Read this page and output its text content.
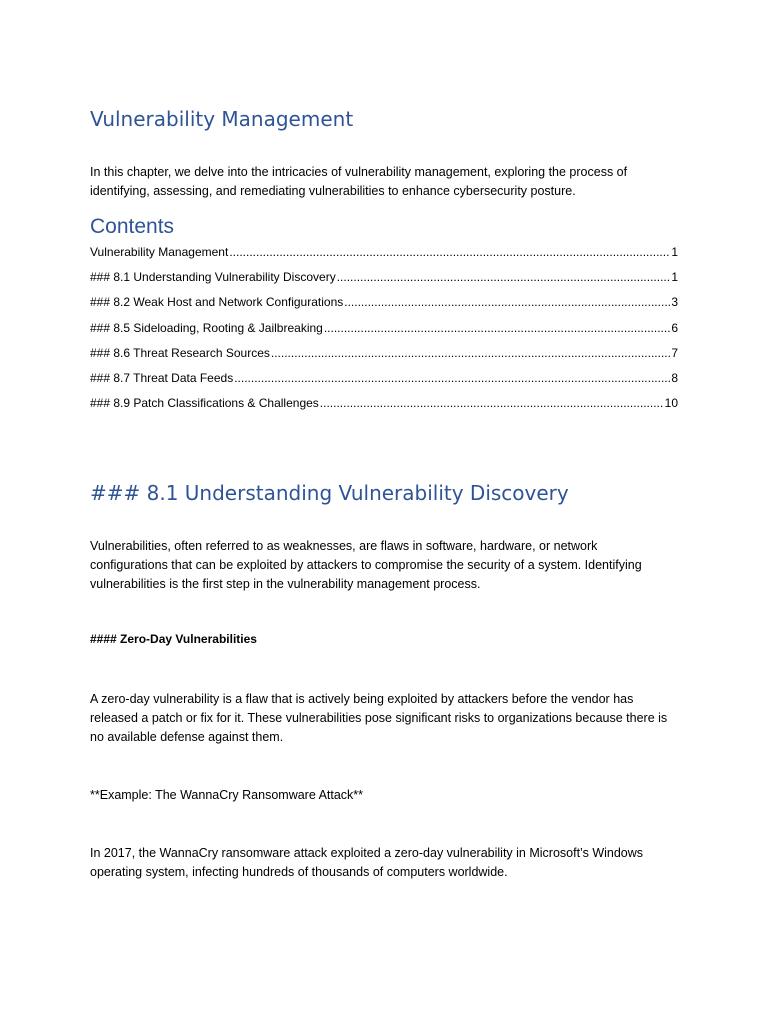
Vulnerability Management

In this chapter, we delve into the intricacies of vulnerability management, exploring the process of identifying, assessing, and remediating vulnerabilities to enhance cybersecurity posture.

Contents
Vulnerability Management .....	1
### 8.1 Understanding Vulnerability Discovery .....	1
### 8.2 Weak Host and Network Configurations .....	3
### 8.5 Sideloading, Rooting & Jailbreaking .....	6
### 8.6 Threat Research Sources .....	7
### 8.7 Threat Data Feeds .....	8
### 8.9 Patch Classifications & Challenges .....	10
### 8.1 Understanding Vulnerability Discovery

Vulnerabilities, often referred to as weaknesses, are flaws in software, hardware, or network configurations that can be exploited by attackers to compromise the security of a system. Identifying vulnerabilities is the first step in the vulnerability management process.

#### Zero-Day Vulnerabilities

A zero-day vulnerability is a flaw that is actively being exploited by attackers before the vendor has released a patch or fix for it. These vulnerabilities pose significant risks to organizations because there is no available defense against them.

**Example: The WannaCry Ransomware Attack**

In 2017, the WannaCry ransomware attack exploited a zero-day vulnerability in Microsoft’s Windows operating system, infecting hundreds of thousands of computers worldwide.
